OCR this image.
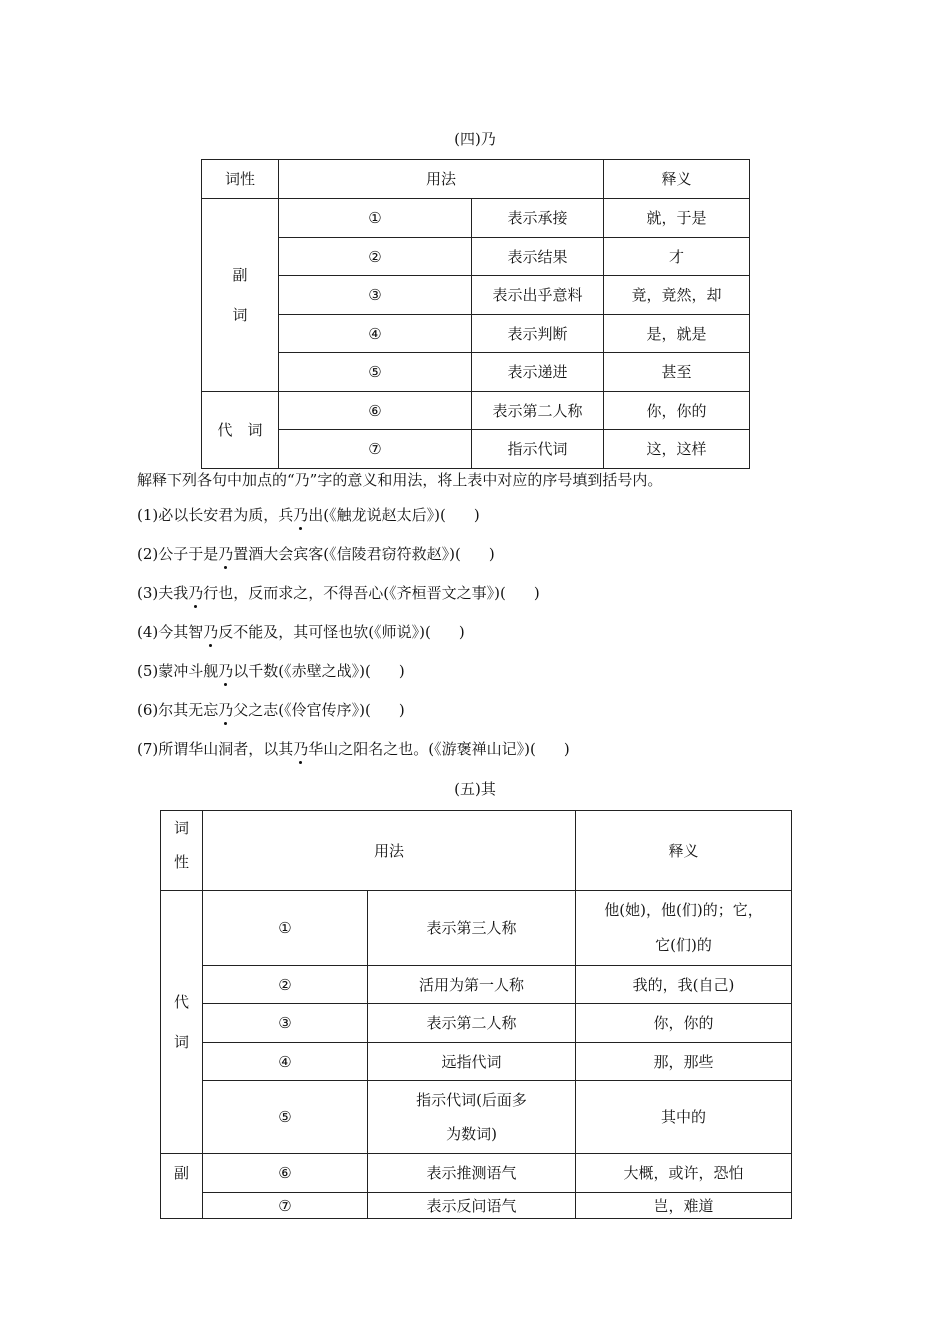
(四)乃
词性	用法		释义

副
词	①	表示承接	就，于是
	②	表示结果	才
	③	表示出乎意料	竟，竟然，却
	④	表示判断	是，就是
	⑤	表示递进	甚至
代　词	⑥	表示第二人称	你，你的
	⑦	指示代词	这，这样
解释下列各句中加点的“乃”字的意义和用法，将上表中对应的序号填到括号内。
(1)必以长安君为质，兵乃出(《触龙说赵太后》)( )
(2)公子于是乃置酒大会宾客(《信陵君窃符救赵》)( )
(3)夫我乃行也，反而求之，不得吾心(《齐桓晋文之事》)( )
(4)今其智乃反不能及，其可怪也欤(《师说》)( )
(5)蒙冲斗舰乃以千数(《赤壁之战》)( )
(6)尔其无忘乃父之志(《伶官传序》)( )
(7)所谓华山洞者，以其乃华山之阳名之也。(《游褒禅山记》)( )
(五)其
词
性	用法		释义

代
词	①	表示第三人称	他(她)，他(们)的；它，
它(们)的

	②	活用为第一人称	我的，我(自己)
	③	表示第二人称	你，你的
	④	远指代词	那，那些
	⑤	指示代词(后面多
为数词)	其中的
副	⑥	表示推测语气	大概，或许，恐怕
	⑦	表示反问语气	岂，难道
